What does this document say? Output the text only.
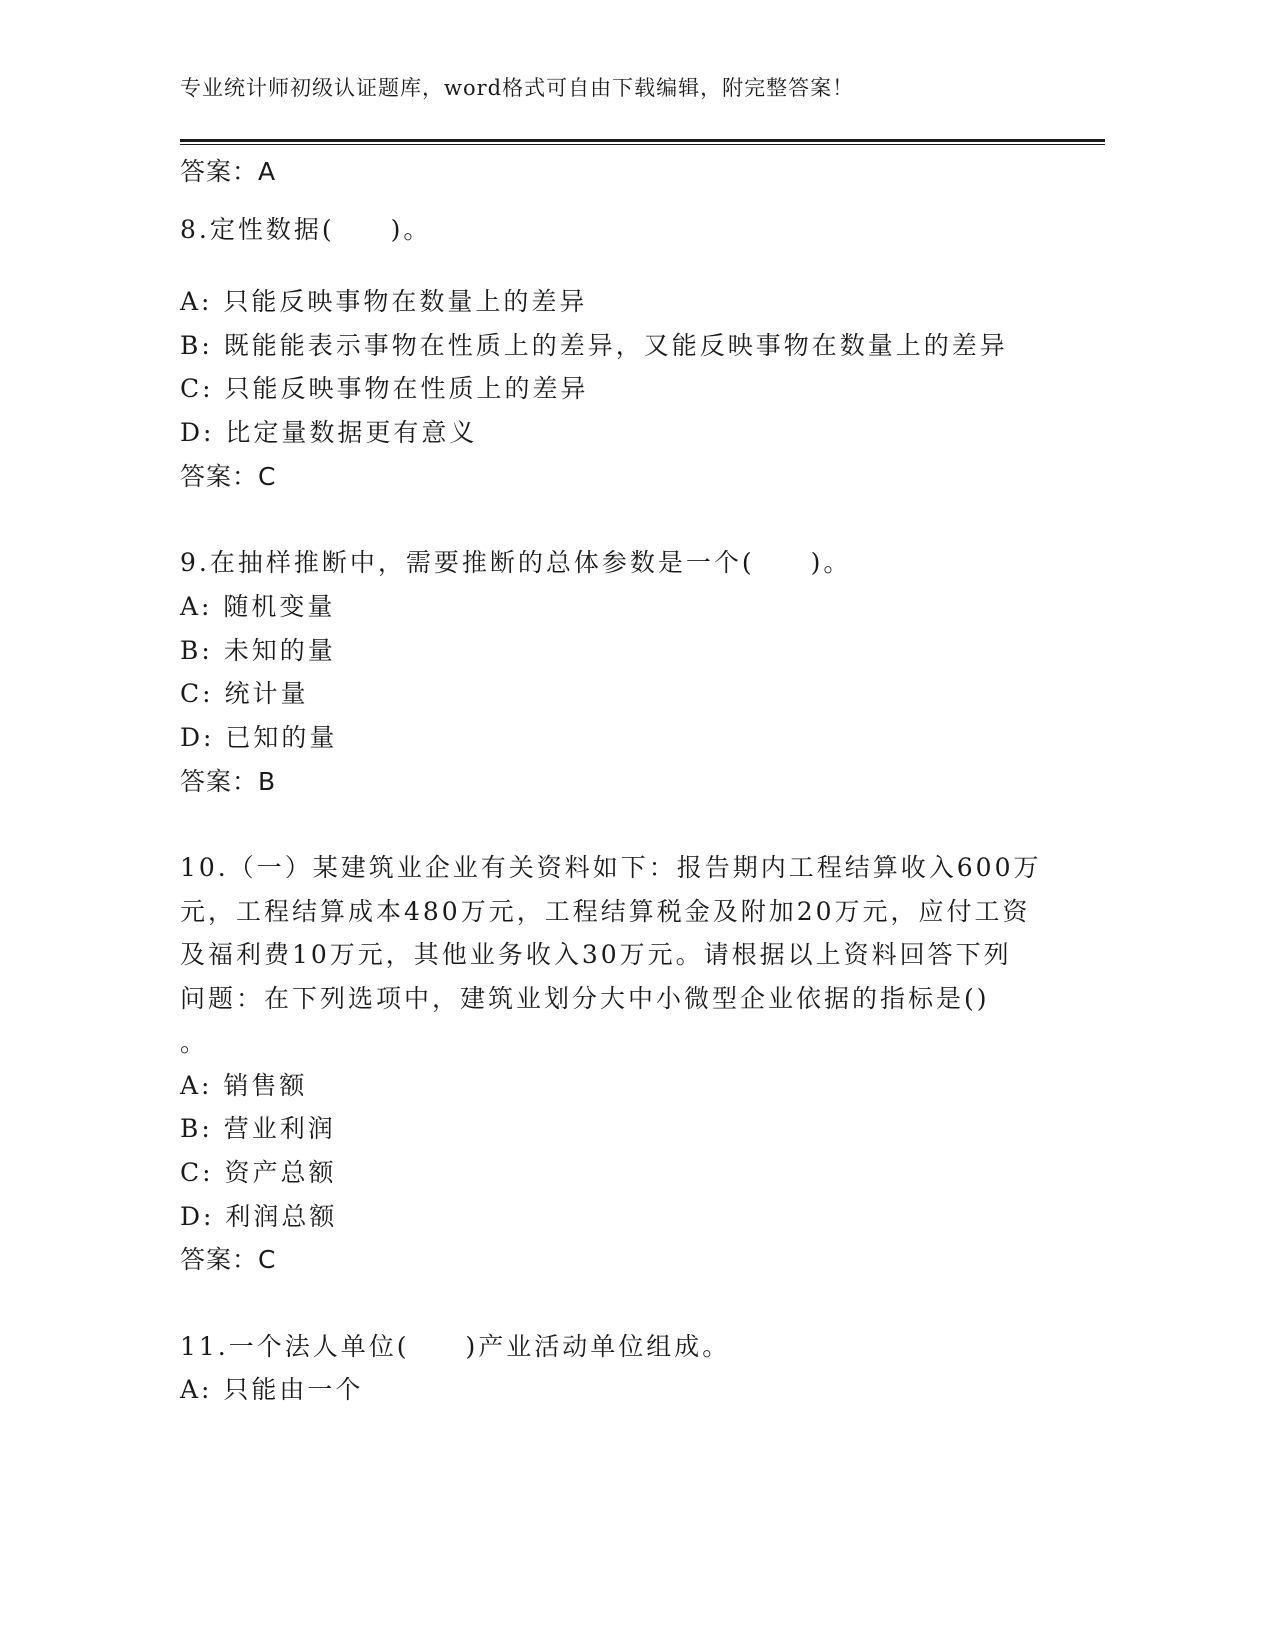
专业统计师初级认证题库，word格式可自由下载编辑，附完整答案！
答案：A
8.定性数据(　　)。
A: 只能反映事物在数量上的差异
B: 既能能表示事物在性质上的差异，又能反映事物在数量上的差异
C: 只能反映事物在性质上的差异
D: 比定量数据更有意义
答案：C
9.在抽样推断中，需要推断的总体参数是一个(　　)。
A: 随机变量
B: 未知的量
C: 统计量
D: 已知的量
答案：B
10.（一）某建筑业企业有关资料如下：报告期内工程结算收入600万
元，工程结算成本480万元，工程结算税金及附加20万元，应付工资
及福利费10万元，其他业务收入30万元。请根据以上资料回答下列
问题：在下列选项中，建筑业划分大中小微型企业依据的指标是()
。
A: 销售额
B: 营业利润
C: 资产总额
D: 利润总额
答案：C
11.一个法人单位(　　)产业活动单位组成。
A: 只能由一个
